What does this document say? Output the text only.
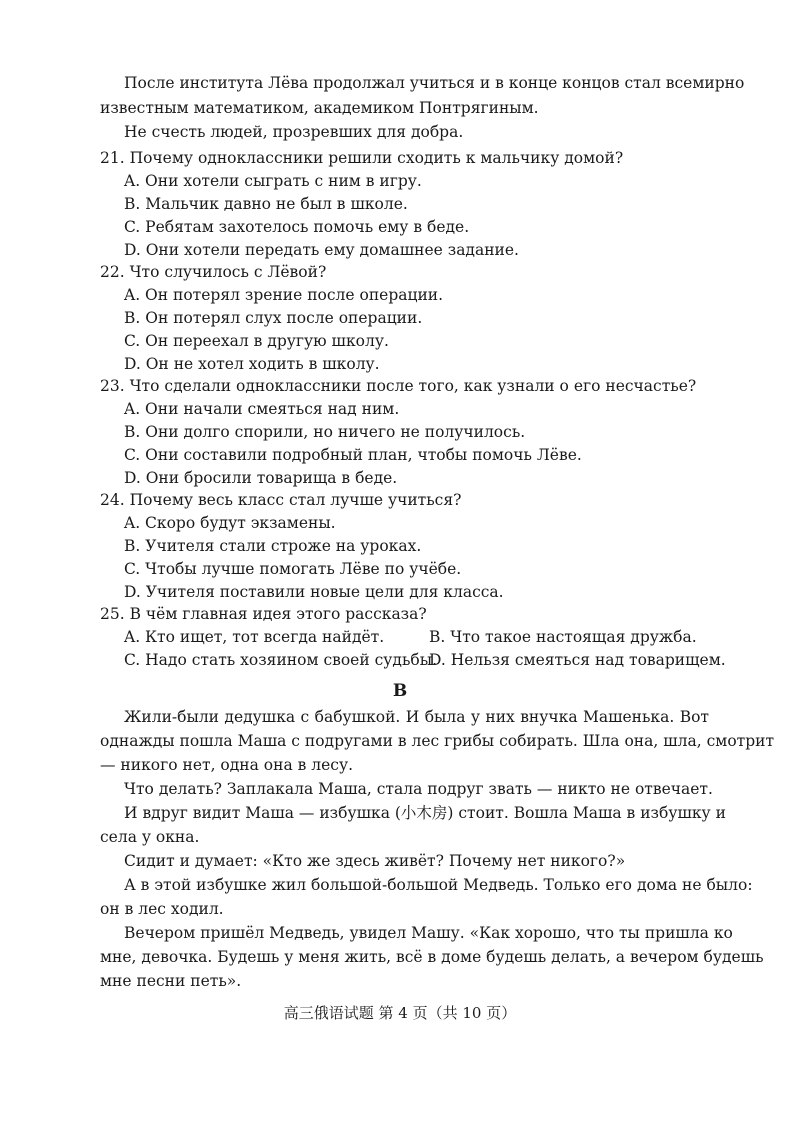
После института Лёва продолжал учиться и в конце концов стал всемирно
известным математиком, академиком Понтрягиным.
Не счесть людей, прозревших для добра.
21. Почему одноклассники решили сходить к мальчику домой?
A. Они хотели сыграть с ним в игру.
B. Мальчик давно не был в школе.
C. Ребятам захотелось помочь ему в беде.
D. Они хотели передать ему домашнее задание.
22. Что случилось с Лёвой?
A. Он потерял зрение после операции.
B. Он потерял слух после операции.
C. Он переехал в другую школу.
D. Он не хотел ходить в школу.
23. Что сделали одноклассники после того, как узнали о его несчастье?
A. Они начали смеяться над ним.
B. Они долго спорили, но ничего не получилось.
C. Они составили подробный план, чтобы помочь Лёве.
D. Они бросили товарища в беде.
24. Почему весь класс стал лучше учиться?
A. Скоро будут экзамены.
B. Учителя стали строже на уроках.
C. Чтобы лучше помогать Лёве по учёбе.
D. Учителя поставили новые цели для класса.
25. В чём главная идея этого рассказа?
A. Кто ищет, тот всегда найдёт.	B. Что такое настоящая дружба.
C. Надо стать хозяином своей судьбы.
D. Нельзя смеяться над товарищем.
B
Жили-были дедушка с бабушкой. И была у них внучка Машенька. Вот
однажды пошла Маша с подругами в лес грибы собирать. Шла она, шла, смотрит
— никого нет, одна она в лесу.
Что делать? Заплакала Маша, стала подруг звать — никто не отвечает.
И вдруг видит Маша — избушка (小木房) стоит. Вошла Маша в избушку и
села у окна.
Сидит и думает: «Кто же здесь живёт? Почему нет никого?»
А в этой избушке жил большой-большой Медведь. Только его дома не было:
он в лес ходил.
Вечером пришёл Медведь, увидел Машу. «Как хорошо, что ты пришла ко
мне, девочка. Будешь у меня жить, всё в доме будешь делать, а вечером будешь
мне песни петь».
高三俄语试题 第 4 页（共 10 页）
